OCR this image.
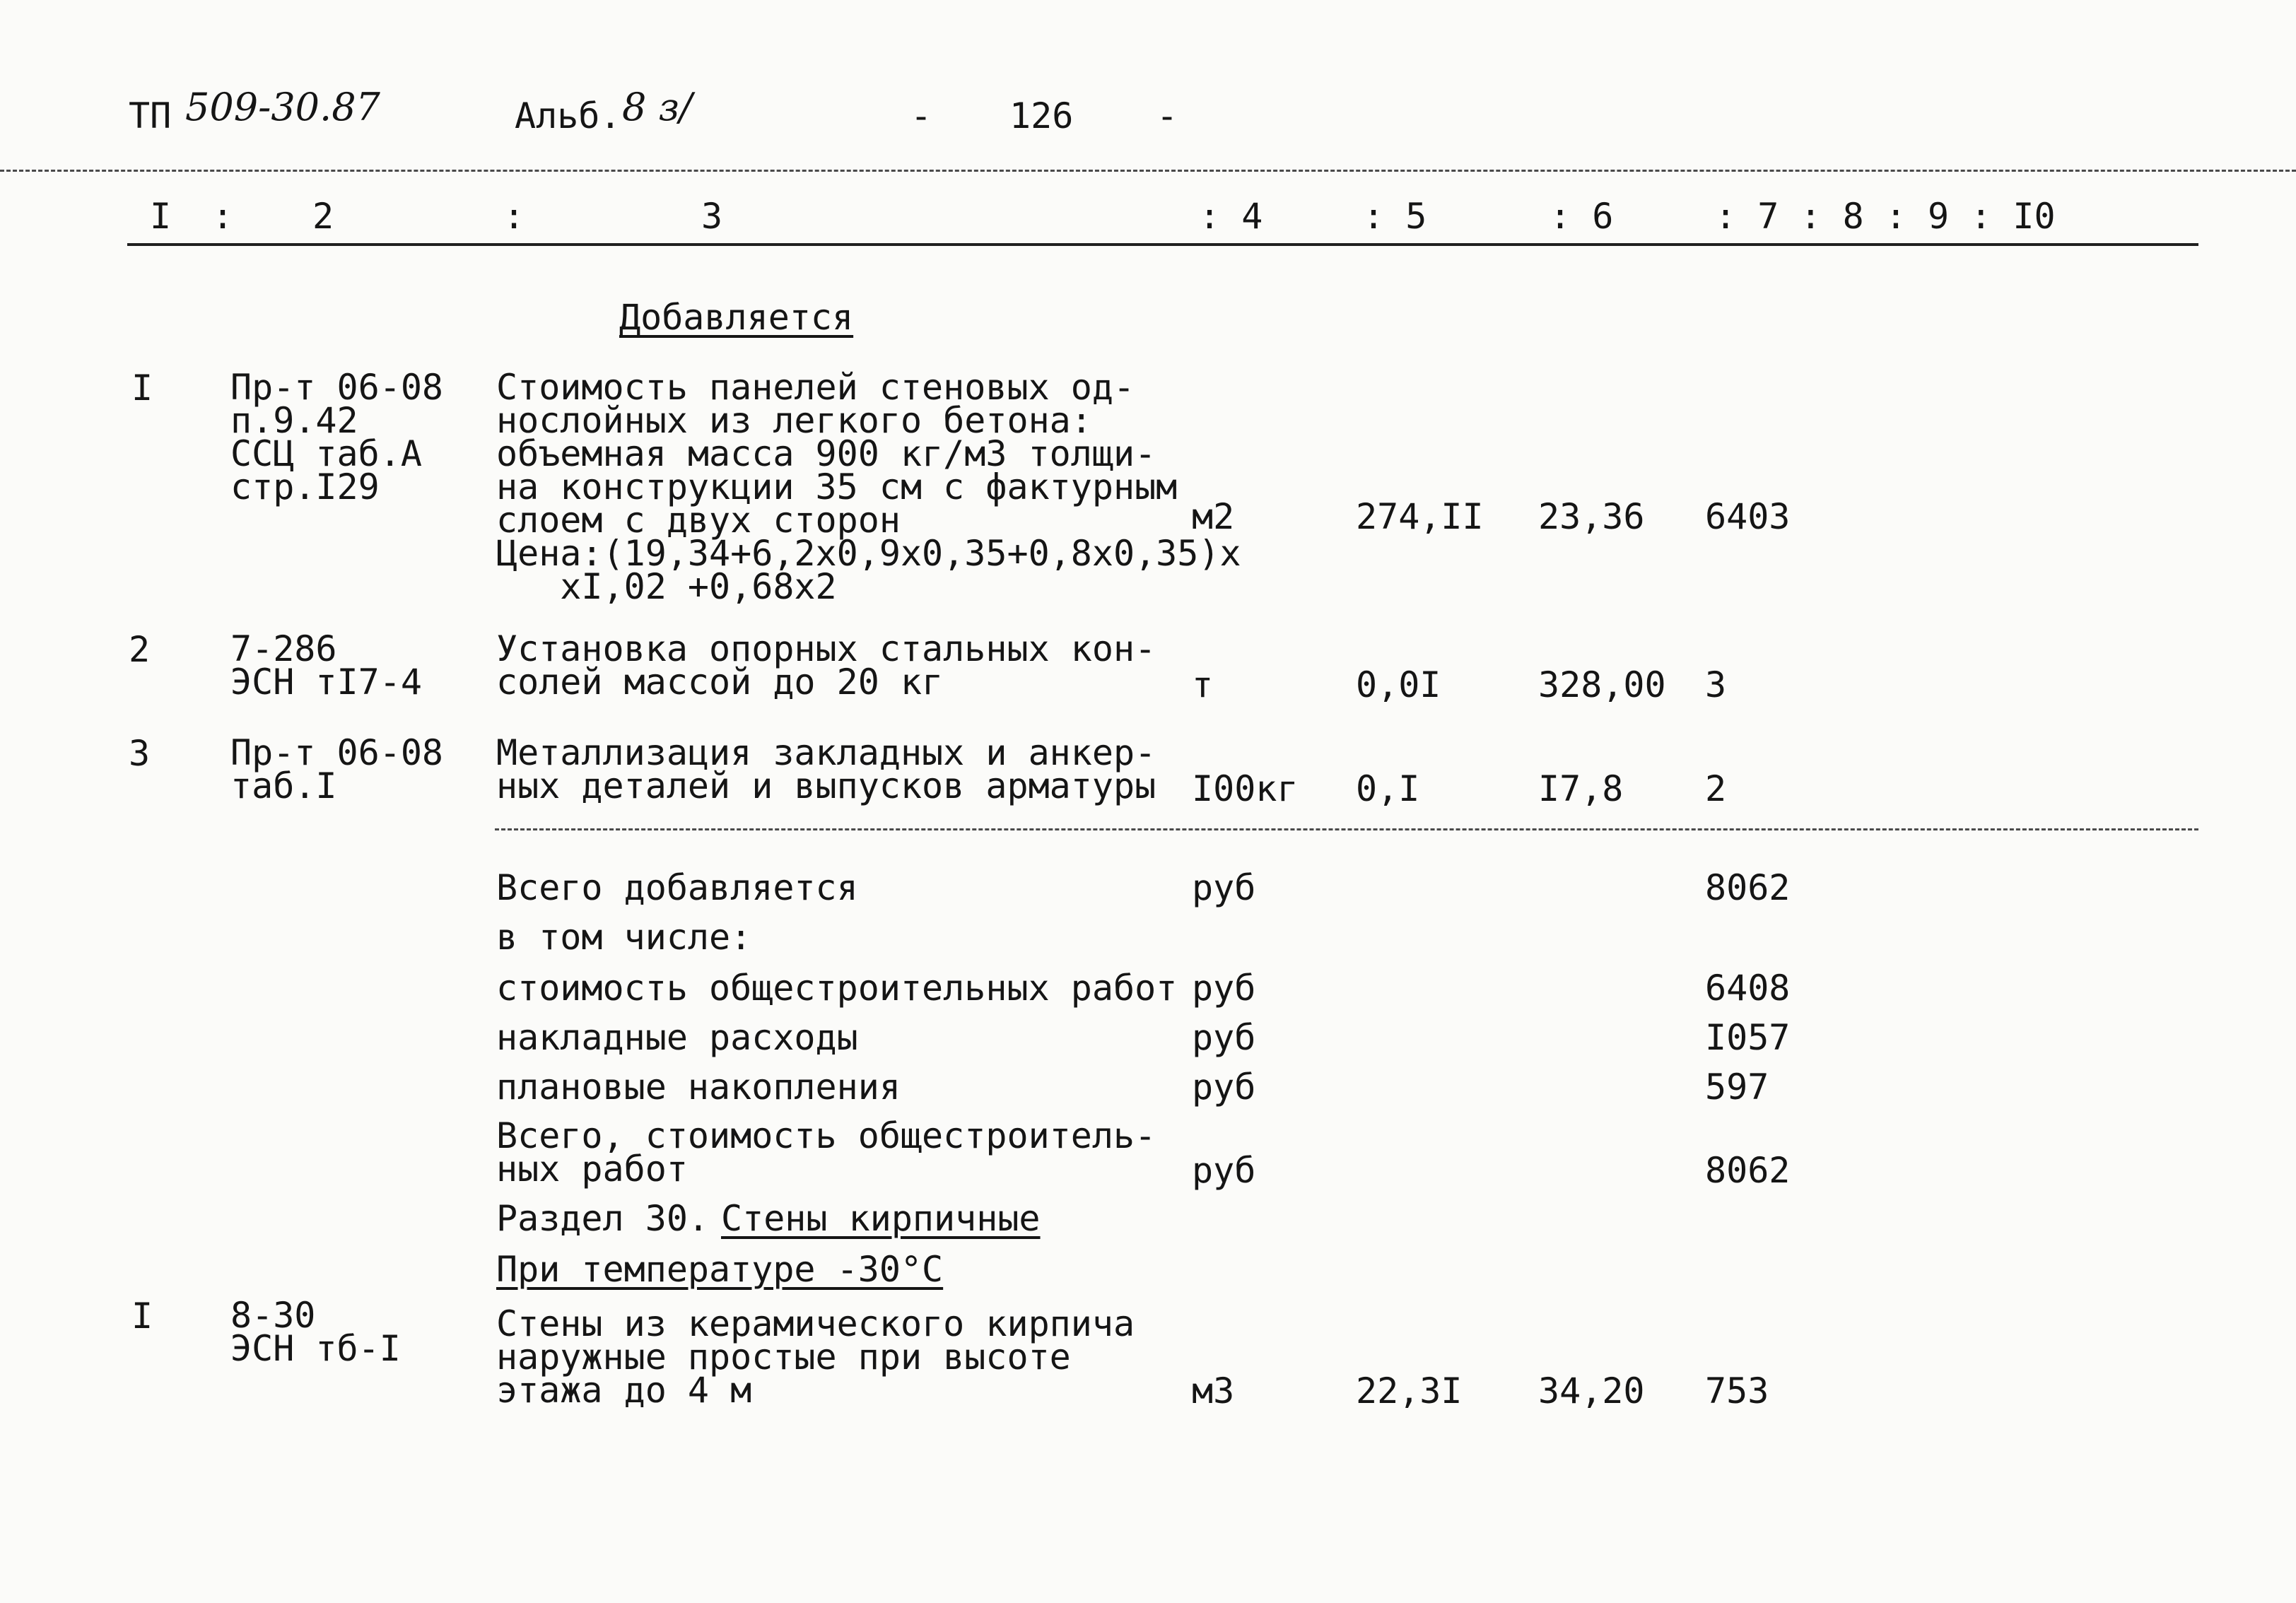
ТП 509-30.87	Альб. 8 з/	- 126 -
I : 2	:	3	: 4	: 5	: 6	: 7 : 8 : 9 : I0
Добавляется
I Пр-т 06-08
п.9.42
ССЦ таб.А
стр.I29
Стоимость панелей стеновых од-
нослойных из легкого бетона:
объемная масса 900 кг/м3 толщи-
на конструкции 35 см с фактурным
слоем с двух сторон
Цена:(19,34+6,2х0,9х0,35+0,8х0,35)х
хI,02 +0,68х2
м2	274,II 23,36 6403
2 7-286
ЭСН тI7-4
Установка опорных стальных кон-
солей массой до 20 кг	т	0,0I	328,00 3
3 Пр-т 06-08
таб.I
Металлизация закладных и анкер-
ных деталей и выпусков арматуры I00кг 0,I	I7,8 2
Всего добавляется	руб	8062
в том числе:
стоимость общестроительных работ руб	6408
накладные расходы	руб	I057
плановые накопления	руб	597
Всего, стоимость общестроитель-
ных работ	руб	8062
Раздел 30. Стены кирпичные
При температуре -30°С
I 8-30
ЭСН тб-I
Стены из керамического кирпича
наружные простые при высоте
этажа до 4 м	м3	22,3I 34,20 753
